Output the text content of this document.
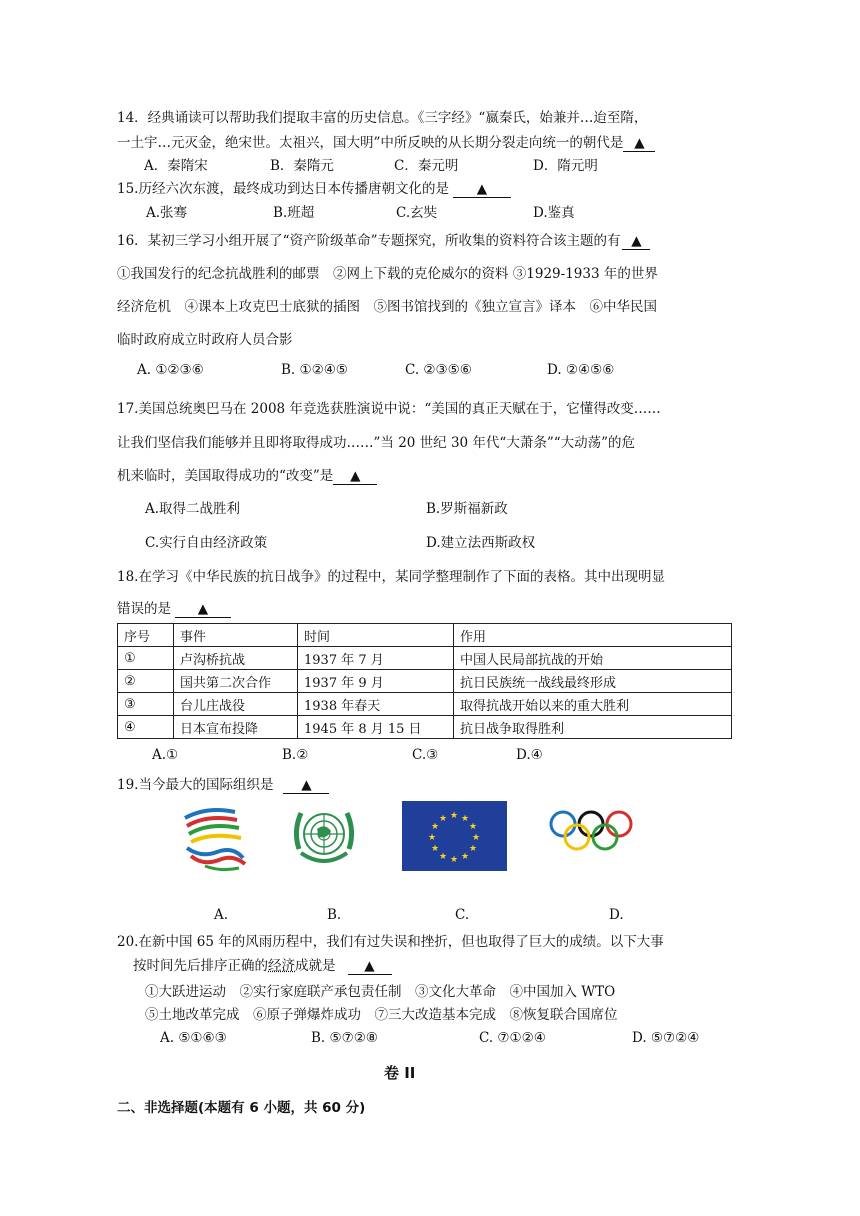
14．经典诵读可以帮助我们提取丰富的历史信息。《三字经》“嬴秦氏，始兼并…迨至隋，
一土宇…元灭金，绝宋世。太祖兴，国大明”中所反映的从长期分裂走向统一的朝代是 ▲
A．秦隋宋	B．秦隋元	C．秦元明	D．隋元明
15.历经六次东渡，最终成功到达日本传播唐朝文化的是 ▲
A.张骞	B.班超	C.玄奘	D.鉴真
16．某初三学习小组开展了“资产阶级革命”专题探究，所收集的资料符合该主题的有 ▲
①我国发行的纪念抗战胜利的邮票　②网上下载的克伦威尔的资料 ③1929-1933 年的世界
经济危机　④课本上攻克巴士底狱的插图　⑤图书馆找到的《独立宣言》译本　⑥中华民国
临时政府成立时政府人员合影
A. ①②③⑥	B. ①②④⑤	C. ②③⑤⑥	D. ②④⑤⑥
17.美国总统奥巴马在 2008 年竞选获胜演说中说：“美国的真正天赋在于，它懂得改变……
让我们坚信我们能够并且即将取得成功……”当 20 世纪 30 年代“大萧条”“大动荡”的危
机来临时，美国取得成功的“改变”是 ▲
A.取得二战胜利	B.罗斯福新政
C.实行自由经济政策	D.建立法西斯政权
18.在学习《中华民族的抗日战争》的过程中，某同学整理制作了下面的表格。其中出现明显
错误的是 ▲
序号	事件	时间	作用
①	卢沟桥抗战	1937 年 7 月	中国人民局部抗战的开始
②	国共第二次合作	1937 年 9 月	抗日民族统一战线最终形成
③	台儿庄战役	1938 年春天	取得抗战开始以来的重大胜利
④	日本宣布投降	1945 年 8 月 15 日	抗日战争取得胜利
A.①	B.②	C.③	D.④
19.当今最大的国际组织是 ▲
★ ★
★
★
★
★
★
★
★
★
★
★
A.	B.	C.	D.
20.在新中国 65 年的风雨历程中，我们有过失误和挫折，但也取得了巨大的成绩。以下大事
按时间先后排序正确的经济成就是 ▲
①大跃进运动　②实行家庭联产承包责任制　③文化大革命　④中国加入 WTO
⑤土地改革完成　⑥原子弹爆炸成功　⑦三大改造基本完成　⑧恢复联合国席位
A. ⑤①⑥③	B. ⑤⑦②⑧	C. ⑦①②④	D. ⑤⑦②④
卷 II
二、非选择题(本题有 6 小题，共 60 分)
